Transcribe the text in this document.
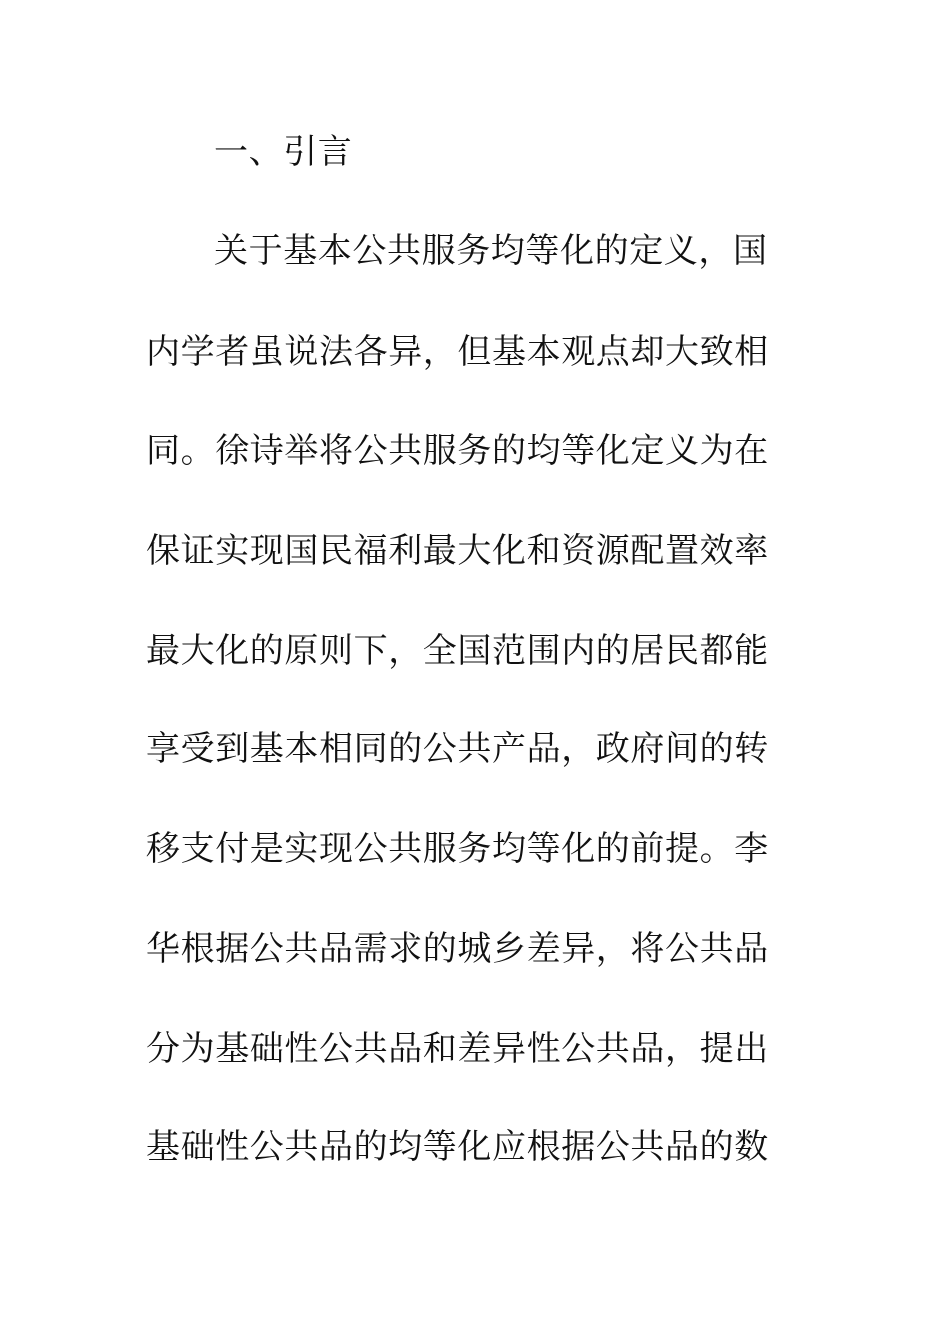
一、引言
关于基本公共服务均等化的定义，国
内学者虽说法各异，但基本观点却大致相
同。徐诗举将公共服务的均等化定义为在
保证实现国民福利最大化和资源配置效率
最大化的原则下，全国范围内的居民都能
享受到基本相同的公共产品，政府间的转
移支付是实现公共服务均等化的前提。李
华根据公共品需求的城乡差异，将公共品
分为基础性公共品和差异性公共品，提出
基础性公共品的均等化应根据公共品的数
